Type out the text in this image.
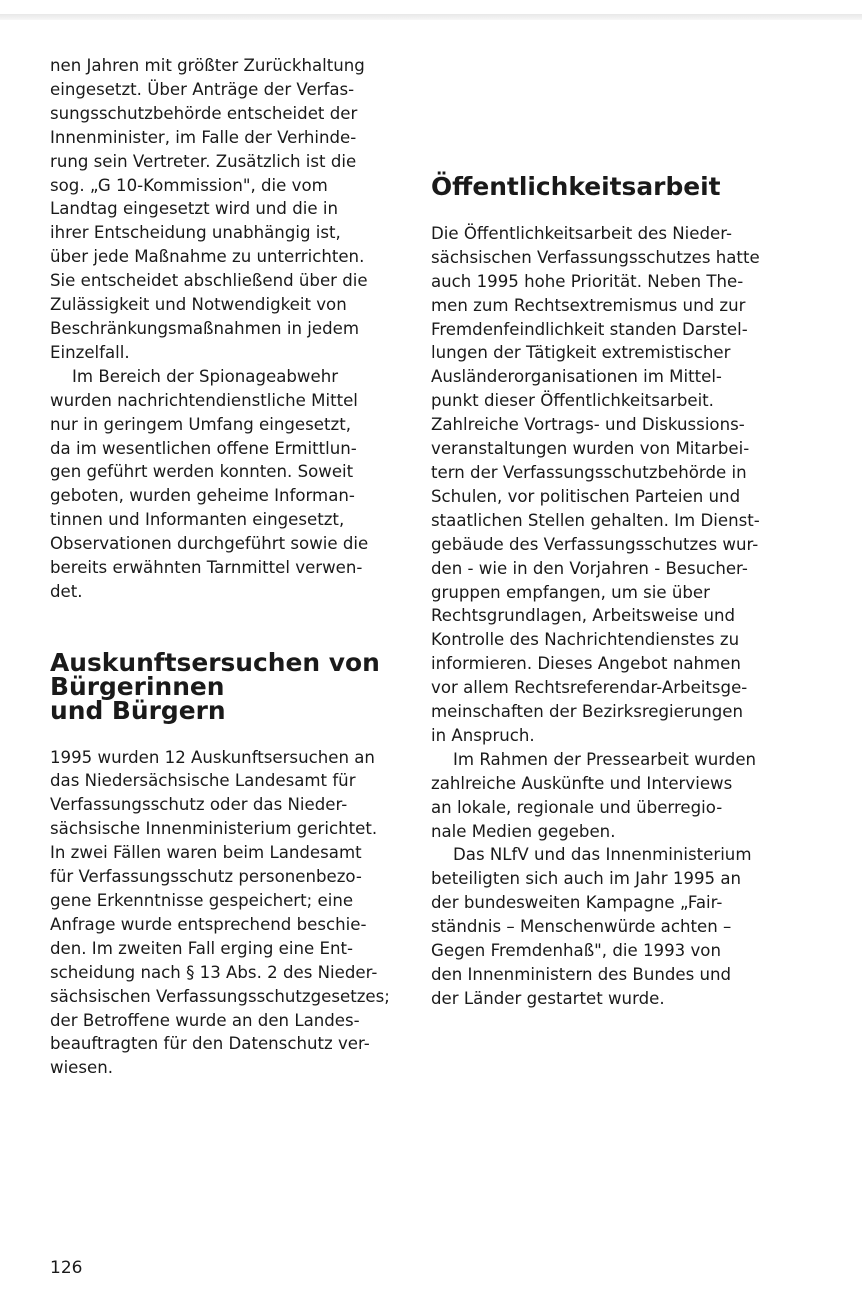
nen Jahren mit größter Zurückhaltung
eingesetzt. Über Anträge der Verfas-
sungsschutzbehörde entscheidet der
Innenminister, im Falle der Verhinde-
rung sein Vertreter. Zusätzlich ist die
sog. „G 10-Kommission", die vom
Landtag eingesetzt wird und die in
ihrer Entscheidung unabhängig ist,
über jede Maßnahme zu unterrichten.
Sie entscheidet abschließend über die
Zulässigkeit und Notwendigkeit von
Beschränkungsmaßnahmen in jedem
Einzelfall.

Im Bereich der Spionageabwehr
wurden nachrichtendienstliche Mittel
nur in geringem Umfang eingesetzt,
da im wesentlichen offene Ermittlun-
gen geführt werden konnten. Soweit
geboten, wurden geheime Informan-
tinnen und Informanten eingesetzt,
Observationen durchgeführt sowie die
bereits erwähnten Tarnmittel verwen-
det.

Auskunftsersuchen von Bürgerinnen
und Bürgern

1995 wurden 12 Auskunftsersuchen an
das Niedersächsische Landesamt für
Verfassungsschutz oder das Nieder-
sächsische Innenministerium gerichtet.
In zwei Fällen waren beim Landesamt
für Verfassungsschutz personenbezo-
gene Erkenntnisse gespeichert; eine
Anfrage wurde entsprechend beschie-
den. Im zweiten Fall erging eine Ent-
scheidung nach § 13 Abs. 2 des Nieder-
sächsischen Verfassungsschutzgesetzes;
der Betroffene wurde an den Landes-
beauftragten für den Datenschutz ver-
wiesen.

Öffentlichkeitsarbeit

Die Öffentlichkeitsarbeit des Nieder-
sächsischen Verfassungsschutzes hatte
auch 1995 hohe Priorität. Neben The-
men zum Rechtsextremismus und zur
Fremdenfeindlichkeit standen Darstel-
lungen der Tätigkeit extremistischer
Ausländerorganisationen im Mittel-
punkt dieser Öffentlichkeitsarbeit.
Zahlreiche Vortrags- und Diskussions-
veranstaltungen wurden von Mitarbei-
tern der Verfassungsschutzbehörde in
Schulen, vor politischen Parteien und
staatlichen Stellen gehalten. Im Dienst-
gebäude des Verfassungsschutzes wur-
den - wie in den Vorjahren - Besucher-
gruppen empfangen, um sie über
Rechtsgrundlagen, Arbeitsweise und
Kontrolle des Nachrichtendienstes zu
informieren. Dieses Angebot nahmen
vor allem Rechtsreferendar-Arbeitsge-
meinschaften der Bezirksregierungen
in Anspruch.

Im Rahmen der Pressearbeit wurden
zahlreiche Auskünfte und Interviews
an lokale, regionale und überregio-
nale Medien gegeben.

Das NLfV und das Innenministerium
beteiligten sich auch im Jahr 1995 an
der bundesweiten Kampagne „Fair-
ständnis – Menschenwürde achten –
Gegen Fremdenhaß", die 1993 von
den Innenministern des Bundes und
der Länder gestartet wurde.

126
